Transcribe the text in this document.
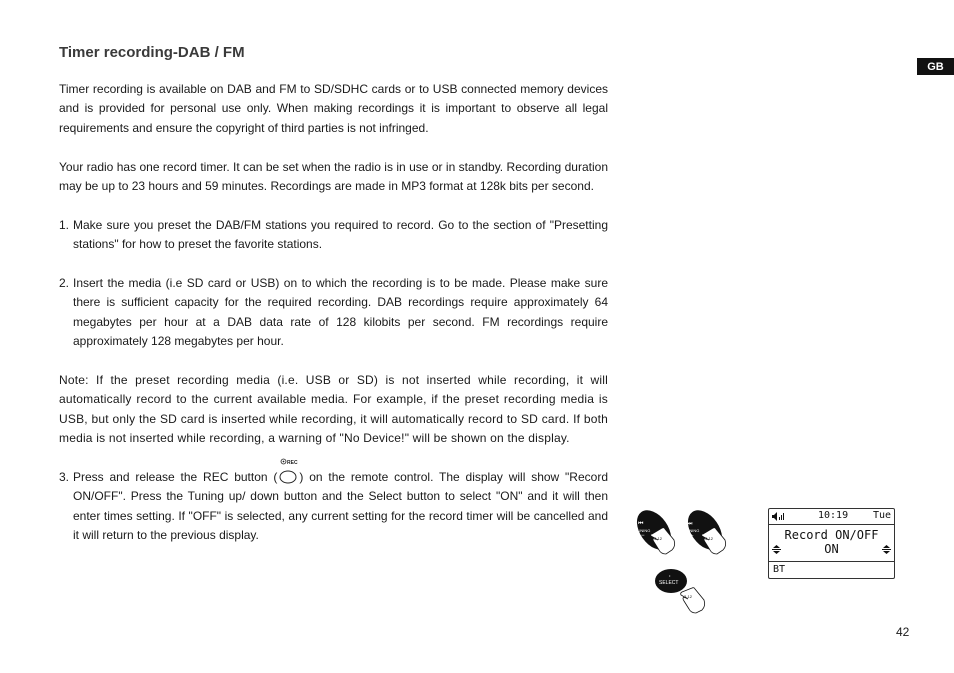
Timer recording-DAB / FM
GB

Timer recording is available on DAB and FM to SD/SDHC cards or to USB connected memory devices and is provided for personal use only. When making recordings it is important to observe all legal requirements and ensure the copyright of third parties is not infringed.

Your radio has one record timer. It can be set when the radio is in use or in standby. Recording duration may be up to 23 hours and 59 minutes. Recordings are made in MP3 format at 128k bits per second.

1. Make sure you preset the DAB/FM stations you required to record. Go to the section of "Presetting stations" for how to preset the favorite stations.
2. Insert the media (i.e SD card or USB) on to which the recording is to be made. Please make sure there is sufficient capacity for the required recording. DAB recordings require approximately 64 megabytes per hour at a DAB data rate of 128 kilobits per second. FM recordings require approximately 128 megabytes per hour.

Note: If the preset recording media (i.e. USB or SD) is not inserted while recording, it will automatically record to the current available media. For example, if the preset recording media is USB, but only the SD card is inserted while recording, it will automatically record to SD card. If both media is not inserted while recording, a warning of "No Device!" will be shown on the display.

3. Press and release the REC button (
REC
) on the remote control. The display will show "Record ON/OFF". Press the Tuning up/ down button and the Select button to select "ON" and it will then enter times setting. If "OFF" is selected, any current setting for the record timer will be cancelled and it will return to the previous display.
⏮
TUNING
− 3-12
⏭
TUNING
+	3-12
•
SELECT
3-12
10:19 Tue
Record ON/OFF
ON
BT

42
